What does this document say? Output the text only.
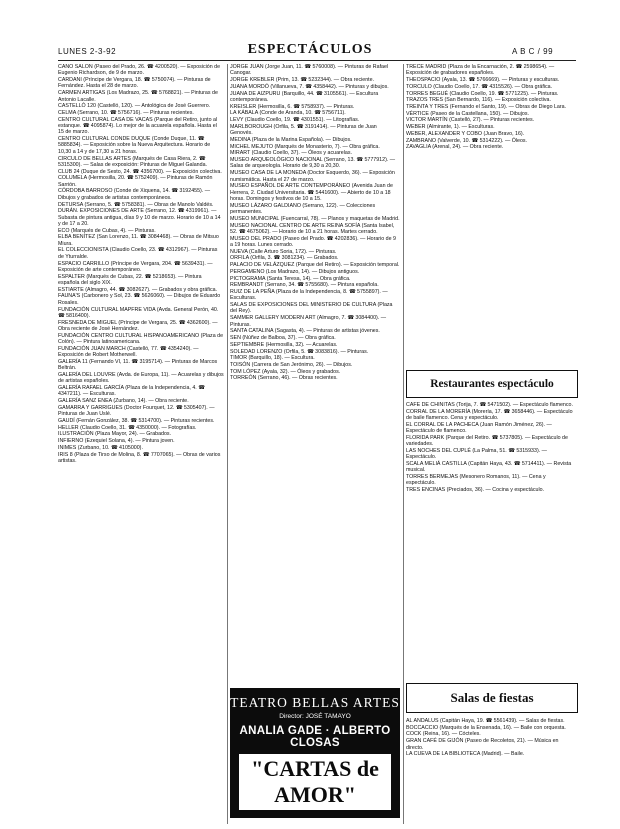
LUNES 2-3-92	ESPECTÁCULOS	A B C / 99

CANO SALÓN (Paseo del Prado, 26. ☎ 4200520). — Exposición de Eugenio Richardson, de 9 de marzo.

CARDANI (Príncipe de Vergara, 18. ☎ 5750074). — Pinturas de Fernández. Hasta el 28 de marzo.

CARMEN ARTIGAS (Los Madrazo, 25. ☎ 5768821). — Pinturas de Antonio Lacalle.

CASTELLÓ 120 (Castelló, 120). — Antológica de José Guerrero.

CELMA (Serrano, 10. ☎ 5756716). — Pinturas recientes.

CENTRO CULTURAL CASA DE VACAS (Parque del Retiro, junto al estanque. ☎ 4095874). Lo mejor de la acuarela española. Hasta el 15 de marzo.

CENTRO CULTURAL CONDE DUQUE (Conde Duque, 11. ☎ 5885834). — Exposición sobre la Nueva Arquitectura. Horario de 10,30 a 14 y de 17,30 a 21 horas.

CIRCULO DE BELLAS ARTES (Marqués de Casa Riera, 2. ☎ 5315300). — Salas de exposición: Pinturas de Miguel Galanda.

CLUB 24 (Duque de Sesto, 24. ☎ 4356700). — Exposición colectiva.

COLUMELA (Hermosilla, 20. ☎ 5752409). — Pinturas de Ramón Sarrión.

CÓRDOBA BARROSO (Conde de Xiquena, 14. ☎ 3192455). — Dibujos y grabados de artistas contemporáneos.

DETURSA (Serrano, 5. ☎ 5758381). — Obras de Manolo Valdés.

DURÁN. EXPOSICIONES DE ARTE (Serrano, 12. ☎ 4319961). — Subasta de pintura antigua, días 9 y 10 de marzo. Horario de 10 a 14 y de 17 a 20.

ECO (Marqués de Cubas, 4). — Pinturas.

ELBA BENÍTEZ (San Lorenzo, 11. ☎ 3084468). — Obras de Mitsuo Miura.

EL COLECCIONISTA (Claudio Coello, 23. ☎ 4312967). — Pinturas de Yturralde.

ESPACIO CARRILLO (Príncipe de Vergara, 204. ☎ 5639431). — Exposición de arte contemporáneo.

ESPALTER (Marqués de Cubas, 22. ☎ 5218653). — Pintura española del siglo XIX.

ESTIARTE (Almagro, 44. ☎ 3082627). — Grabados y obra gráfica.

FAUNA'S (Carbonero y Sol, 23. ☎ 5626060). — Dibujos de Eduardo Rosales.

FUNDACIÓN CULTURAL MAPFRE VIDA (Avda. General Perón, 40. ☎ 5816400).

FRESNEDA DE MIGUEL (Príncipe de Vergara, 25. ☎ 4362600). — Obra reciente de José Hernández.

FUNDACIÓN CENTRO CULTURAL HISPANOAMERICANO (Plaza de Colón). — Pintura latinoamericana.

FUNDACIÓN JUAN MARCH (Castelló, 77. ☎ 4354240). — Exposición de Robert Motherwell.

GALERÍA 11 (Fernando VI, 11. ☎ 3195714). — Pinturas de Marcos Beltrán.

GALERÍA DEL LOUVRE (Avda. de Europa, 11). — Acuarelas y dibujos de artistas españoles.

GALERÍA RAFAEL GARCÍA (Plaza de la Independencia, 4. ☎ 4347211). — Esculturas.

GALERÍA SANZ ENEA (Zurbano, 14). — Obra reciente.

GAMARRA Y GARRIGUES (Doctor Fourquet, 12. ☎ 5305407). — Pinturas de Juan Uslé.

GAUDÍ (Fernán González, 38. ☎ 5314700). — Pinturas recientes.

HELLER (Claudio Coello, 31. ☎ 4350000). — Fotografías.

ILUSTRACIÓN (Plaza Mayor, 24). — Grabados.

INFIERNO (Ezequiel Solana, 4). — Pintura joven.

INIMES (Zurbano, 10. ☎ 4105000).

IRIS 8 (Plaza de Tirso de Molina, 8. ☎ 7707065). — Obras de varios artistas.

JORGE JUAN (Jorge Juan, 11. ☎ 5760008). — Pinturas de Rafael Canogar.

JORGE KREBLER (Prim, 13. ☎ 5232344). — Obra reciente.

JUANA MORDÓ (Villanueva, 7. ☎ 4358442). — Pinturas y dibujos.

JUANA DE AIZPURU (Barquillo, 44. ☎ 3105561). — Escultura contemporánea.

KREISLER (Hermosilla, 6. ☎ 5758937). — Pinturas.

LA KÁBALA (Conde de Aranda, 10. ☎ 5756711).

LEVY (Claudio Coello, 19. ☎ 4301551). — Litografías.

MARLBOROUGH (Orfila, 5. ☎ 3191414). — Pinturas de Juan Genovés.

MEDINA (Plaza de la Marina Española). — Dibujos.

MICHEL MEJUTO (Marqués de Monasterio, 7). — Obra gráfica.

MIRART (Claudio Coello, 37). — Óleos y acuarelas.

MUSEO ARQUEOLÓGICO NACIONAL (Serrano, 13. ☎ 5777912). — Salas de arqueología. Horario de 9,30 a 20,30.

MUSEO CASA DE LA MONEDA (Doctor Esquerdo, 36). — Exposición numismática. Hasta el 27 de marzo.

MUSEO ESPAÑOL DE ARTE CONTEMPORÁNEO (Avenida Juan de Herrera, 2. Ciudad Universitaria. ☎ 5441600). — Abierto de 10 a 18 horas. Domingos y festivos de 10 a 15.

MUSEO LÁZARO GALDIANO (Serrano, 122). — Colecciones permanentes.

MUSEO MUNICIPAL (Fuencarral, 78). — Planos y maquetas de Madrid.

MUSEO NACIONAL CENTRO DE ARTE REINA SOFÍA (Santa Isabel, 52. ☎ 4675062). — Horario de 10 a 21 horas. Martes cerrado.

MUSEO DEL PRADO (Paseo del Prado. ☎ 4202836). — Horario de 9 a 19 horas. Lunes cerrado.

NUEVA (Calle Arturo Soria, 172). — Pinturas.

ORFILA (Orfila, 3. ☎ 3081234). — Grabados.

PALACIO DE VELÁZQUEZ (Parque del Retiro). — Exposición temporal.

PERGAMENO (Los Madrazo, 14). — Dibujos antiguos.

PICTOGRAMA (Santa Teresa, 14). — Obra gráfica.

REMBRANDT (Serrano, 34. ☎ 5755680). — Pintura española.

RUIZ DE LA PEÑA (Plaza de la Independencia, 8. ☎ 5755897). — Esculturas.

SALAS DE EXPOSICIONES DEL MINISTERIO DE CULTURA (Plaza del Rey).

SAMMER GALLERY MODERN ART (Almagro, 7. ☎ 3084400). — Pinturas.

SANTA CATALINA (Sagasta, 4). — Pinturas de artistas jóvenes.

SEN (Núñez de Balboa, 37). — Obra gráfica.

SEPTIEMBRE (Hermosilla, 32). — Acuarelas.

SOLEDAD LORENZO (Orfila, 5. ☎ 3083816). — Pinturas.

TIMOR (Barquillo, 18). — Escultura.

TOISÓN (Carrera de San Jerónimo, 26). — Dibujos.

TOM LÓPEZ (Ayala, 32). — Óleos y grabados.

TORREÓN (Serrano, 46). — Obras recientes.

TRECE MADRID (Plaza de la Encarnación, 2. ☎ 2598654). — Exposición de grabadores españoles.

THEOSPACIO (Ayala, 13. ☎ 5766669). — Pinturas y esculturas.

TORCULO (Claudio Coello, 17. ☎ 4315526). — Obra gráfica.

TORRES BEGUÉ (Claudio Coello, 19. ☎ 5771225). — Pinturas.

TRAZOS TRES (San Bernardo, 116). — Exposición colectiva.

TREINTA Y TRES (Fernando el Santo, 19). — Obras de Diego Lara.

VÉRTICE (Paseo de la Castellana, 150). — Dibujos.

VICTOR MARTÍN (Castelló, 27). — Pinturas recientes.

WEBER (Almirante, 1). — Esculturas.

WEBER, ALEXANDER Y COBO (Juan Bravo, 16).

ZAMBRANO (Valverde, 10. ☎ 5314222). — Óleos.

ZAVAGLIA (Arenal, 24). — Obra reciente.

Restaurantes espectáculo

CAFÉ DE CHINITAS (Torija, 7. ☎ 5471502). — Espectáculo flamenco.

CORRAL DE LA MORERÍA (Morería, 17. ☎ 3658446). — Espectáculo de baile flamenco. Cena y espectáculo.

EL CORRAL DE LA PACHECA (Juan Ramón Jiménez, 26). — Espectáculo de flamenco.

FLORIDA PARK (Parque del Retiro. ☎ 5737805). — Espectáculo de variedades.

LAS NOCHES DEL CUPLÉ (La Palma, 51. ☎ 5315933). — Espectáculo.

SCALA MELIÁ CASTILLA (Capitán Haya, 43. ☎ 5714411). — Revista musical.

TORRES BERMEJAS (Mesonero Romanos, 11). — Cena y espectáculo.

TRES ENCINAS (Preciados, 36). — Cocina y espectáculo.

Salas de fiestas

AL ANDALUS (Capitán Haya, 19. ☎ 5561439). — Salas de fiestas.

BOCCACCIO (Marqués de la Ensenada, 16). — Baile con orquesta.

COCK (Reina, 16). — Cócteles.

GRAN CAFÉ DE GIJÓN (Paseo de Recoletos, 21). — Música en directo.

LA CUEVA DE LA BIBLIOTECA (Madrid). — Baile.

TEATRO BELLAS ARTES
Director: JOSÉ TAMAYO
ANALIA GADE · ALBERTO CLOSAS
"CARTAS de AMOR"
